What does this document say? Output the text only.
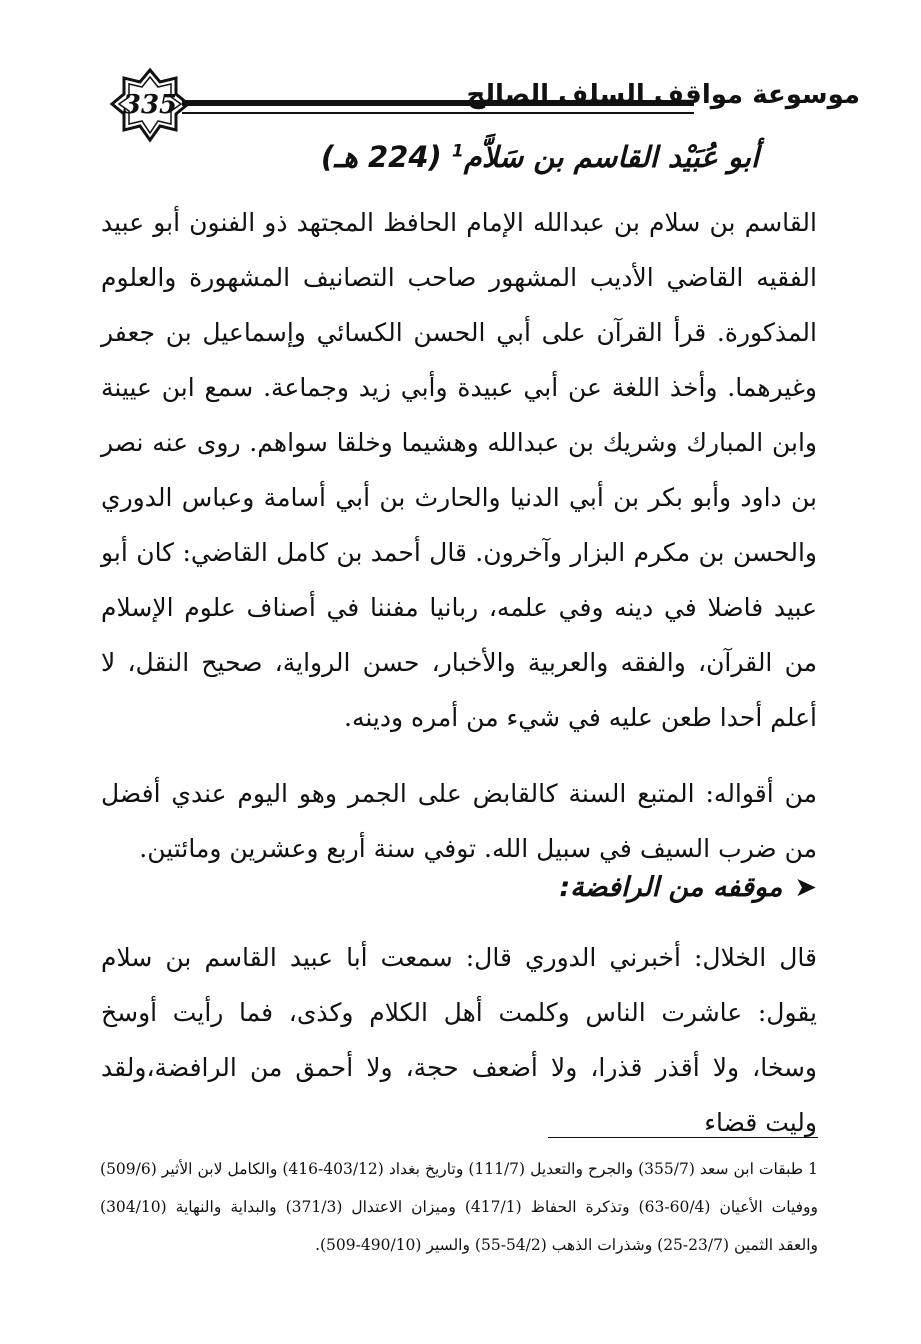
335	موسوعة مواقف السلف الصالح
أبو عُبَيْد القاسم بن سَلاَّم$^1$ (224 هـ)
القاسم بن سلام بن عبدالله الإمام الحافظ المجتهد ذو الفنون أبو عبيد الفقيه القاضي الأديب المشهور صاحب التصانيف المشهورة والعلوم المذكورة. قرأ القرآن على أبي الحسن الكسائي وإسماعيل بن جعفر وغيرهما. وأخذ اللغة عن أبي عبيدة وأبي زيد وجماعة. سمع ابن عيينة وابن المبارك وشريك بن عبدالله وهشيما وخلقا سواهم. روى عنه نصر بن داود وأبو بكر بن أبي الدنيا والحارث بن أبي أسامة وعباس الدوري والحسن بن مكرم البزار وآخرون. قال أحمد بن كامل القاضي: كان أبو عبيد فاضلا في دينه وفي علمه، ربانيا مفننا في أصناف علوم الإسلام من القرآن، والفقه والعربية والأخبار، حسن الرواية، صحيح النقل، لا أعلم أحدا طعن عليه في شيء من أمره ودينه.
من أقواله: المتبع السنة كالقابض على الجمر وهو اليوم عندي أفضل من ضرب السيف في سبيل الله. توفي سنة أربع وعشرين ومائتين.
➤موقفه من الرافضة:
قال الخلال: أخبرني الدوري قال: سمعت أبا عبيد القاسم بن سلام يقول: عاشرت الناس وكلمت أهل الكلام وكذى، فما رأيت أوسخ وسخا، ولا أقذر قذرا، ولا أضعف حجة، ولا أحمق من الرافضة،ولقد وليت قضاء
1 طبقات ابن سعد (355/7) والجرح والتعديل (111/7) وتاريخ بغداد (403/12-416) والكامل لابن الأثير (509/6) ووفيات الأعيان (60/4-63) وتذكرة الحفاظ (417/1) وميزان الاعتدال (371/3) والبداية والنهاية (304/10) والعقد الثمين (23/7-25) وشذرات الذهب (54/2-55) والسير (490/10-509).
